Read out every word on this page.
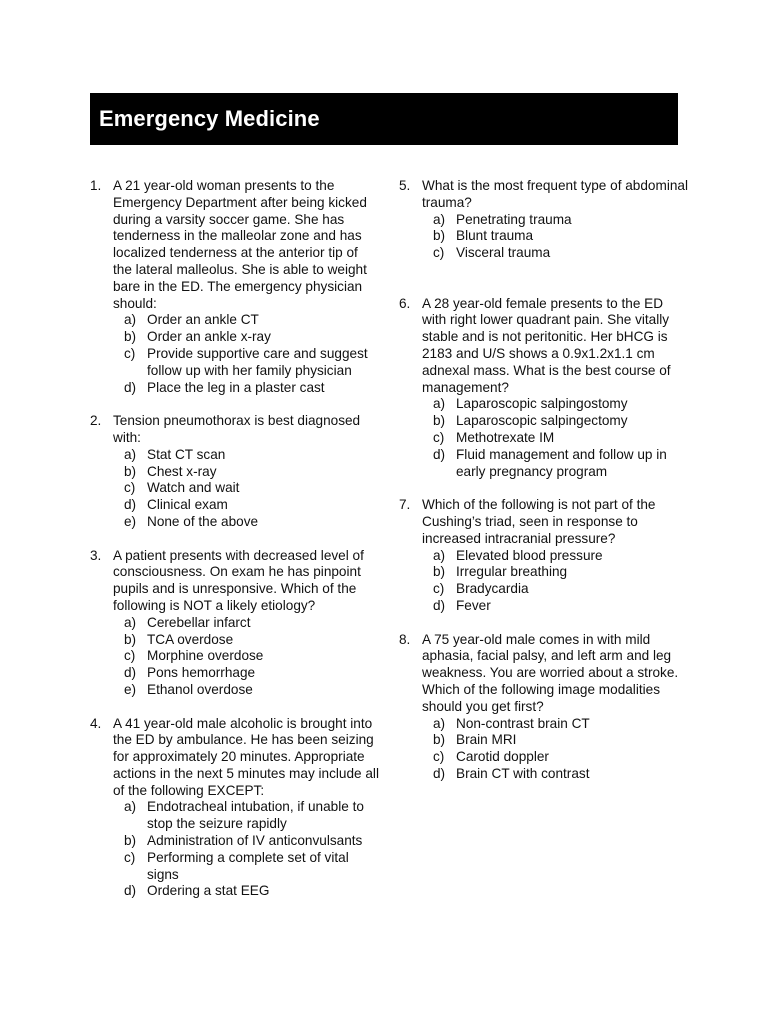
Emergency Medicine
1. A 21 year-old woman presents to the Emergency Department after being kicked during a varsity soccer game. She has tenderness in the malleolar zone and has localized tenderness at the anterior tip of the lateral malleolus. She is able to weight bare in the ED. The emergency physician should:
a) Order an ankle CT
b) Order an ankle x-ray
c) Provide supportive care and suggest follow up with her family physician
d) Place the leg in a plaster cast
2. Tension pneumothorax is best diagnosed with:
a) Stat CT scan
b) Chest x-ray
c) Watch and wait
d) Clinical exam
e) None of the above
3. A patient presents with decreased level of consciousness. On exam he has pinpoint pupils and is unresponsive. Which of the following is NOT a likely etiology?
a) Cerebellar infarct
b) TCA overdose
c) Morphine overdose
d) Pons hemorrhage
e) Ethanol overdose
4. A 41 year-old male alcoholic is brought into the ED by ambulance. He has been seizing for approximately 20 minutes. Appropriate actions in the next 5 minutes may include all of the following EXCEPT:
a) Endotracheal intubation, if unable to stop the seizure rapidly
b) Administration of IV anticonvulsants
c) Performing a complete set of vital signs
d) Ordering a stat EEG
5. What is the most frequent type of abdominal trauma?
a) Penetrating trauma
b) Blunt trauma
c) Visceral trauma
6. A 28 year-old female presents to the ED with right lower quadrant pain. She vitally stable and is not peritonitic. Her bHCG is 2183 and U/S shows a 0.9x1.2x1.1 cm adnexal mass. What is the best course of management?
a) Laparoscopic salpingostomy
b) Laparoscopic salpingectomy
c) Methotrexate IM
d) Fluid management and follow up in early pregnancy program
7. Which of the following is not part of the Cushing’s triad, seen in response to increased intracranial pressure?
a) Elevated blood pressure
b) Irregular breathing
c) Bradycardia
d) Fever
8. A 75 year-old male comes in with mild aphasia, facial palsy, and left arm and leg weakness. You are worried about a stroke. Which of the following image modalities should you get first?
a) Non-contrast brain CT
b) Brain MRI
c) Carotid doppler
d) Brain CT with contrast
